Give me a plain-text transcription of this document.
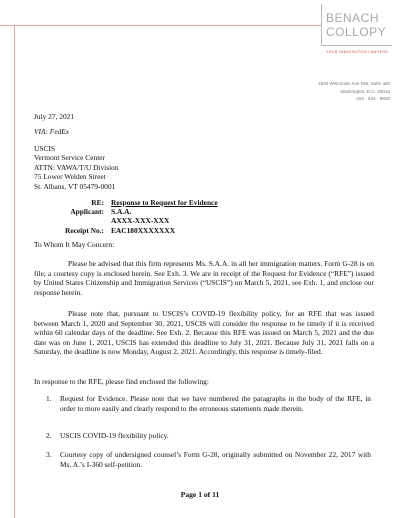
BENACH
COLLOPY
YOUR IMMIGRATION LAWYERS
4530 Wisconsin Ave NW, Suite 400
Washington, D.C. 20016
202 · 644 · 8600
July 27, 2021
VIA: FedEx
USCIS
Vermont Service Center
ATTN: VAWA/T/U Division
75 Lower Welden Street
St. Albans, VT 05479-0001
RE: Response to Request for Evidence
Applicant: S.A.A.
AXXX-XXX-XXX
Receipt No.: EAC180XXXXXXX
To Whom It May Concern:
Please be advised that this firm represents Ms. S.A.A. in all her immigration matters. Form G-28 is on file; a courtesy copy is enclosed herein. See Exh. 3. We are in receipt of the Request for Evidence (“RFE”) issued by United States Citizenship and Immigration Services (“USCIS”) on March 5, 2021, see Exh. 1, and enclose our response herein.
Please note that, pursuant to USCIS’s COVID-19 flexibility policy, for an RFE that was issued between March 1, 2020 and September 30, 2021, USCIS will consider the response to be timely if it is received within 60 calendar days of the deadline. See Exh. 2. Because this RFE was issued on March 5, 2021 and the due date was on June 1, 2021, USCIS has extended this deadline to July 31, 2021. Because July 31, 2021 falls on a Saturday, the deadline is now Monday, August 2, 2021. Accordingly, this response is timely-filed.
In response to the RFE, please find enclosed the following:
1. Request for Evidence. Please note that we have numbered the paragraphs in the body of the RFE, in order to more easily and clearly respond to the erroneous statements made therein.
2. USCIS COVID-19 flexibility policy.
3. Courtesy copy of undersigned counsel’s Form G-28, originally submitted on November 22, 2017 with Ms. A.’s I-360 self-petition.
Page 1 of 11
